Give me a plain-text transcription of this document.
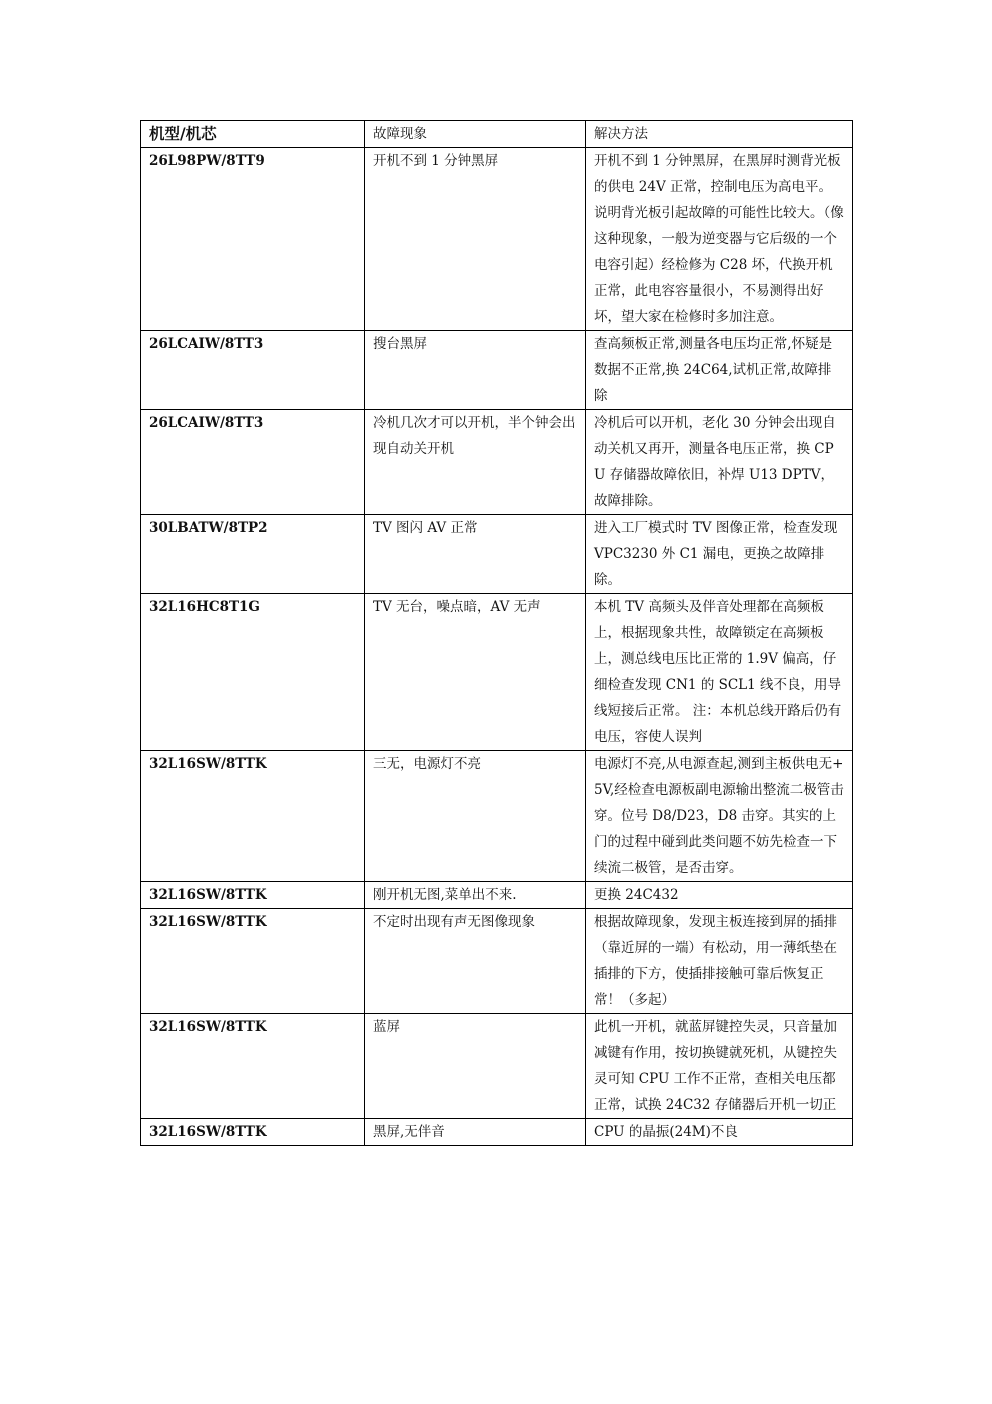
机型/机芯	故障现象	解决方法
26L98PW/8TT9	开机不到 1 分钟黑屏	开机不到 1 分钟黑屏，在黑屏时测背光板的供电 24V 正常，控制电压为高电平。说明背光板引起故障的可能性比较大。（像这种现象，一般为逆变器与它后级的一个电容引起）经检修为 C28 坏，代换开机正常，此电容容量很小，不易测得出好坏，望大家在检修时多加注意。
26LCAIW/8TT3	搜台黑屏	查高频板正常,测量各电压均正常,怀疑是数据不正常,换 24C64,试机正常,故障排除
26LCAIW/8TT3	冷机几次才可以开机，半个钟会出现自动关开机	冷机后可以开机，老化 30 分钟会出现自动关机又再开，测量各电压正常，换 CPU 存储器故障依旧，补焊 U13 DPTV，故障排除。
30LBATW/8TP2	TV 图闪 AV 正常	进入工厂模式时 TV 图像正常，检查发现 VPC3230 外 C1 漏电，更换之故障排除。
32L16HC8T1G	TV 无台，噪点暗，AV 无声	本机 TV 高频头及伴音处理都在高频板上，根据现象共性，故障锁定在高频板上，测总线电压比正常的 1.9V 偏高，仔细检查发现 CN1 的 SCL1 线不良，用导线短接后正常。 注：本机总线开路后仍有电压，容使人误判
32L16SW/8TTK	三无，电源灯不亮	电源灯不亮,从电源查起,测到主板供电无+5V,经检查电源板副电源输出整流二极管击穿。位号 D8/D23，D8 击穿。其实的上门的过程中碰到此类问题不妨先检查一下续流二极管，是否击穿。
32L16SW/8TTK	刚开机无图,菜单出不来.	更换 24C432
32L16SW/8TTK	不定时出现有声无图像现象	根据故障现象，发现主板连接到屏的插排（靠近屏的一端）有松动，用一薄纸垫在插排的下方，使插排接触可靠后恢复正常！（多起）
32L16SW/8TTK	蓝屏	此机一开机，就蓝屏键控失灵，只音量加减键有作用，按切换键就死机，从键控失灵可知 CPU 工作不正常，查相关电压都正常，试换 24C32 存储器后开机一切正
32L16SW/8TTK	黑屏,无伴音	CPU 的晶振(24M)不良
